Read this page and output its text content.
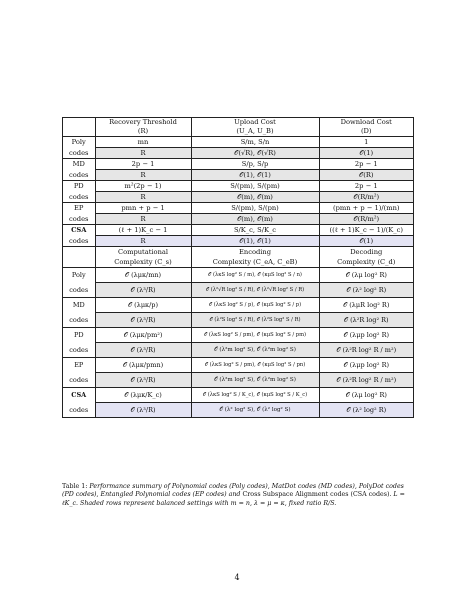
	Recovery Threshold	Upload Cost	Download Cost
	(R)	(U_A, U_B)	(D)
Poly	mn	S/m, S/n	1
codes	R	𝒪(√R), 𝒪(√R)	𝒪(1)
MD	2p − 1	S/p, S/p	2p − 1
codes	R	𝒪(1), 𝒪(1)	𝒪(R)
PD	m²(2p − 1)	S/(pm), S/(pm)	2p − 1
codes	R	𝒪(m), 𝒪(m)	𝒪(R/m²)
EP	pmn + p − 1	S/(pm), S/(pn)	(pmn + p − 1)/(mn)
codes	R	𝒪(m), 𝒪(m)	𝒪(R/m²)
CSA	(ℓ + 1)K_c − 1	S/K_c, S/K_c	((ℓ + 1)K_c − 1)/(K_c)
codes	R	𝒪(1), 𝒪(1)	𝒪(1)
	Computational	Encoding	Decoding
	Complexity (C_s)	Complexity (C_eA, C_eB)	Complexity (C_d)
Poly	𝒪 (λμκ/mn)	𝒪 (λκS log² S / m), 𝒪 (κμS log² S / n)	𝒪 (λμ log² R)
codes	𝒪 (λ³/R)	𝒪 (λ²√R log² S / R), 𝒪 (λ²√R log² S / R)	𝒪 (λ² log² R)
MD	𝒪 (λμκ/p)	𝒪 (λκS log² S / p), 𝒪 (κμS log² S / p)	𝒪 (λμR log² R)
codes	𝒪 (λ³/R)	𝒪 (λ²S log² S / R), 𝒪 (λ²S log² S / R)	𝒪 (λ²R log² R)
PD	𝒪 (λμκ/pm²)	𝒪 (λκS log² S / pm), 𝒪 (κμS log² S / pm)	𝒪 (λμp log² R)
codes	𝒪 (λ³/R)	𝒪 (λ²m log² S), 𝒪 (λ²m log² S)	𝒪 (λ²R log² R / m²)
EP	𝒪 (λμκ/pmn)	𝒪 (λκS log² S / pm), 𝒪 (κμS log² S / pn)	𝒪 (λμp log² R)
codes	𝒪 (λ³/R)	𝒪 (λ²m log² S), 𝒪 (λ²m log² S)	𝒪 (λ²R log² R / m²)
CSA	𝒪 (λμκ/K_c)	𝒪 (λκS log² S / K_c), 𝒪 (κμS log² S / K_c)	𝒪 (λμ log² R)
codes	𝒪 (λ³/R)	𝒪 (λ² log² S), 𝒪 (λ² log² S)	𝒪 (λ² log² R)
Table 1: Performance summary of Polynomial codes (Poly codes), MatDot codes (MD codes), PolyDot codes (PD codes), Entangled Polynomial codes (EP codes) and Cross Subspace Alignment codes (CSA codes). L = ℓK_c. Shaded rows represent balanced settings with m = n, λ = μ = κ, fixed ratio R/S.
4
